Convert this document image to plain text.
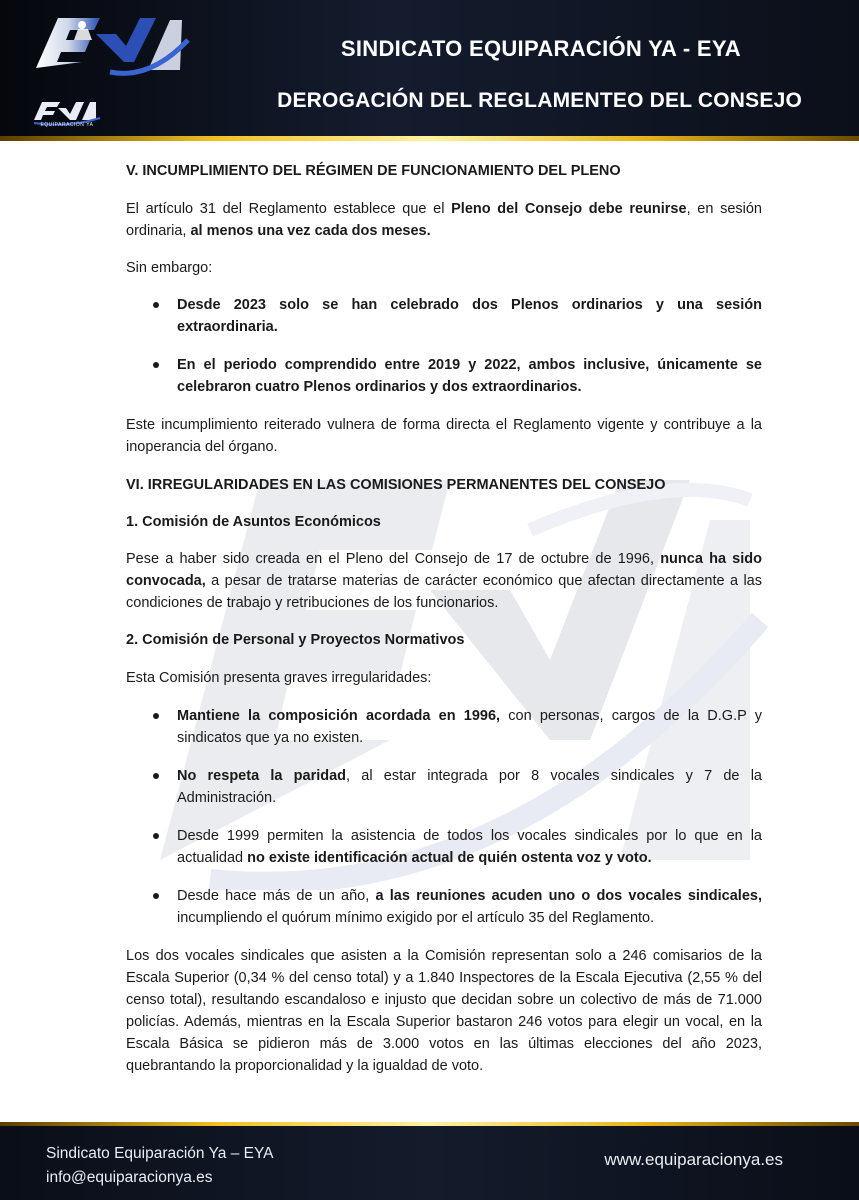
EQUIPARACIÓN YA
SINDICATO EQUIPARACIÓN YA - EYA
DEROGACIÓN DEL REGLAMENTEO DEL CONSEJO

V. INCUMPLIMIENTO DEL RÉGIMEN DE FUNCIONAMIENTO DEL PLENO

El artículo 31 del Reglamento establece que el Pleno del Consejo debe reunirse, en sesión ordinaria, al menos una vez cada dos meses.

Sin embargo:

Desde 2023 solo se han celebrado dos Plenos ordinarios y una sesión extraordinaria.
En el periodo comprendido entre 2019 y 2022, ambos inclusive, únicamente se celebraron cuatro Plenos ordinarios y dos extraordinarios.

Este incumplimiento reiterado vulnera de forma directa el Reglamento vigente y contribuye a la inoperancia del órgano.

VI. IRREGULARIDADES EN LAS COMISIONES PERMANENTES DEL CONSEJO

1. Comisión de Asuntos Económicos

Pese a haber sido creada en el Pleno del Consejo de 17 de octubre de 1996, nunca ha sido convocada, a pesar de tratarse materias de carácter económico que afectan directamente a las condiciones de trabajo y retribuciones de los funcionarios.

2. Comisión de Personal y Proyectos Normativos

Esta Comisión presenta graves irregularidades:

Mantiene la composición acordada en 1996, con personas, cargos de la D.G.P y sindicatos que ya no existen.
No respeta la paridad, al estar integrada por 8 vocales sindicales y 7 de la Administración.
Desde 1999 permiten la asistencia de todos los vocales sindicales por lo que en la actualidad no existe identificación actual de quién ostenta voz y voto.
Desde hace más de un año, a las reuniones acuden uno o dos vocales sindicales, incumpliendo el quórum mínimo exigido por el artículo 35 del Reglamento.

Los dos vocales sindicales que asisten a la Comisión representan solo a 246 comisarios de la Escala Superior (0,34 % del censo total) y a 1.840 Inspectores de la Escala Ejecutiva (2,55 % del censo total), resultando escandaloso e injusto que decidan sobre un colectivo de más de 71.000 policías. Además, mientras en la Escala Superior bastaron 246 votos para elegir un vocal, en la Escala Básica se pidieron más de 3.000 votos en las últimas elecciones del año 2023, quebrantando la proporcionalidad y la igualdad de voto.

Sindicato Equiparación Ya – EYA
info@equiparacionya.es
www.equiparacionya.es
